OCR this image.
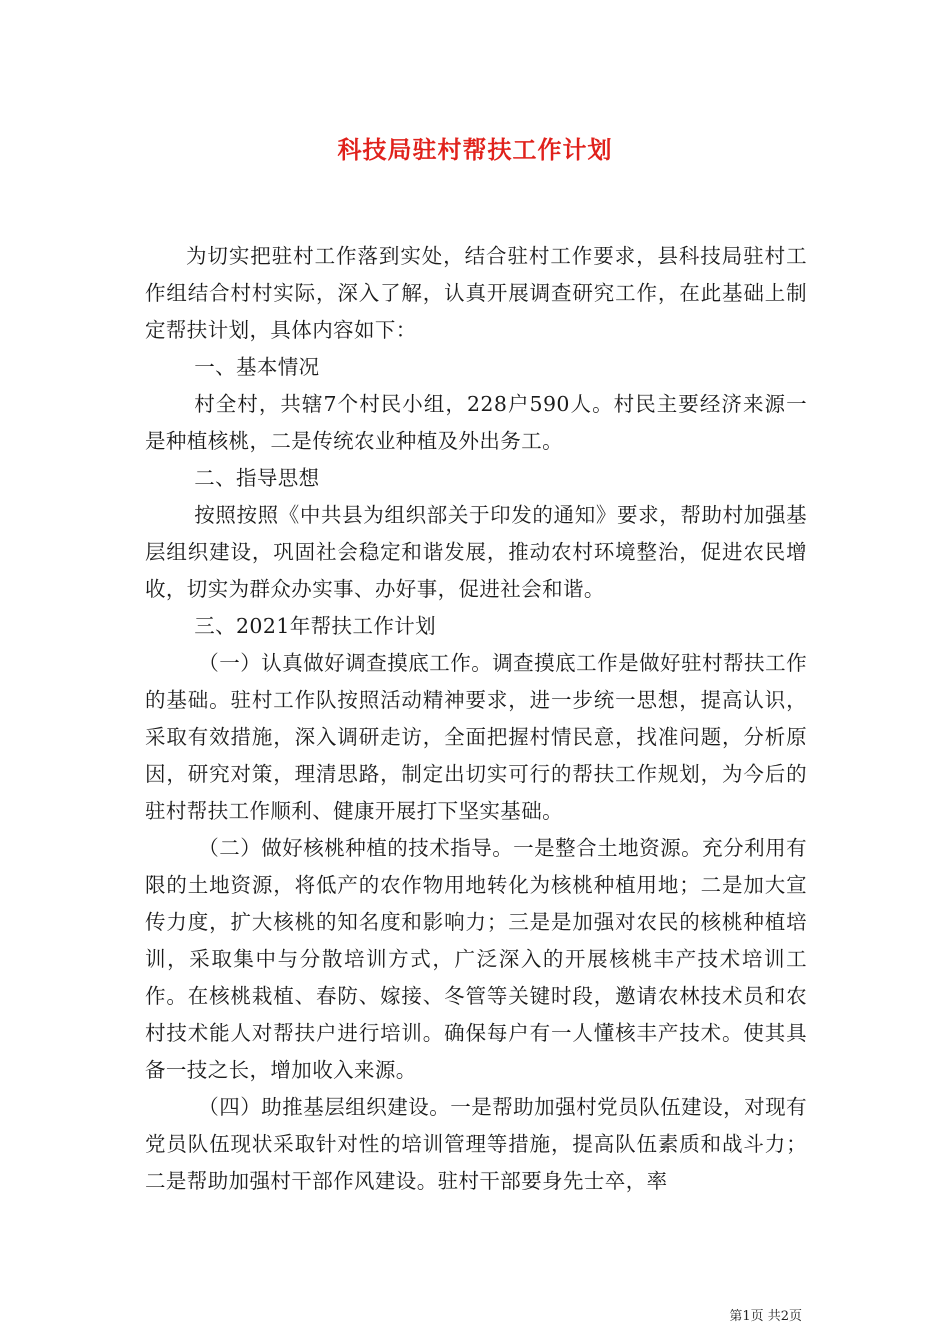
科技局驻村帮扶工作计划

为切实把驻村工作落到实处，结合驻村工作要求，县科技局驻村工作组结合村村实际，深入了解，认真开展调查研究工作，在此基础上制定帮扶计划，具体内容如下：

一、基本情况

村全村，共辖7个村民小组，228户590人。村民主要经济来源一是种植核桃，二是传统农业种植及外出务工。

二、指导思想

按照按照《中共县为组织部关于印发的通知》要求，帮助村加强基层组织建设，巩固社会稳定和谐发展，推动农村环境整治，促进农民增收，切实为群众办实事、办好事，促进社会和谐。

三、2021年帮扶工作计划

（一）认真做好调查摸底工作。调查摸底工作是做好驻村帮扶工作的基础。驻村工作队按照活动精神要求，进一步统一思想，提高认识，采取有效措施，深入调研走访，全面把握村情民意，找准问题，分析原因，研究对策，理清思路，制定出切实可行的帮扶工作规划，为今后的驻村帮扶工作顺利、健康开展打下坚实基础。

（二）做好核桃种植的技术指导。一是整合土地资源。充分利用有限的土地资源，将低产的农作物用地转化为核桃种植用地；二是加大宣传力度，扩大核桃的知名度和影响力；三是是加强对农民的核桃种植培训，采取集中与分散培训方式，广泛深入的开展核桃丰产技术培训工作。在核桃栽植、春防、嫁接、冬管等关键时段，邀请农林技术员和农村技术能人对帮扶户进行培训。确保每户有一人懂核丰产技术。使其具备一技之长，增加收入来源。

（四）助推基层组织建设。一是帮助加强村党员队伍建设，对现有党员队伍现状采取针对性的培训管理等措施，提高队伍素质和战斗力；二是帮助加强村干部作风建设。驻村干部要身先士卒，率

第1页 共2页
